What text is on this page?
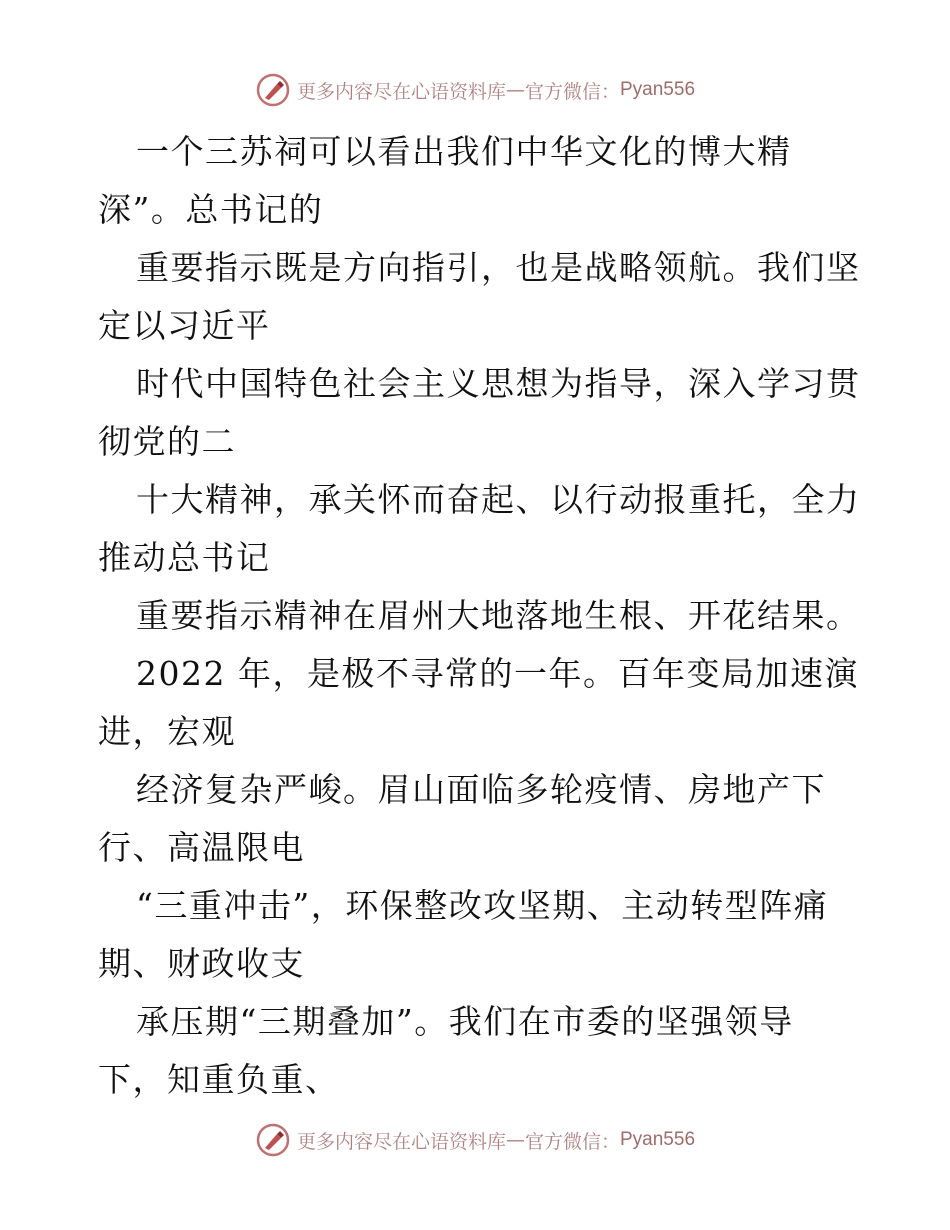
更多内容尽在心语资料库 — 官方微信： Pyan556
一个三苏祠可以看出我们中华文化的博大精
深”。总书记的
重要指示既是方向指引，也是战略领航。我们坚
定以习近平
时代中国特色社会主义思想为指导，深入学习贯
彻党的二
十大精神，承关怀而奋起、以行动报重托，全力
推动总书记
重要指示精神在眉州大地落地生根、开花结果。
2022 年，是极不寻常的一年。百年变局加速演
进，宏观
经济复杂严峻。眉山面临多轮疫情、房地产下
行、高温限电
“三重冲击”，环保整改攻坚期、主动转型阵痛
期、财政收支
承压期“三期叠加”。我们在市委的坚强领导
下，知重负重、
更多内容尽在心语资料库 — 官方微信： Pyan556
